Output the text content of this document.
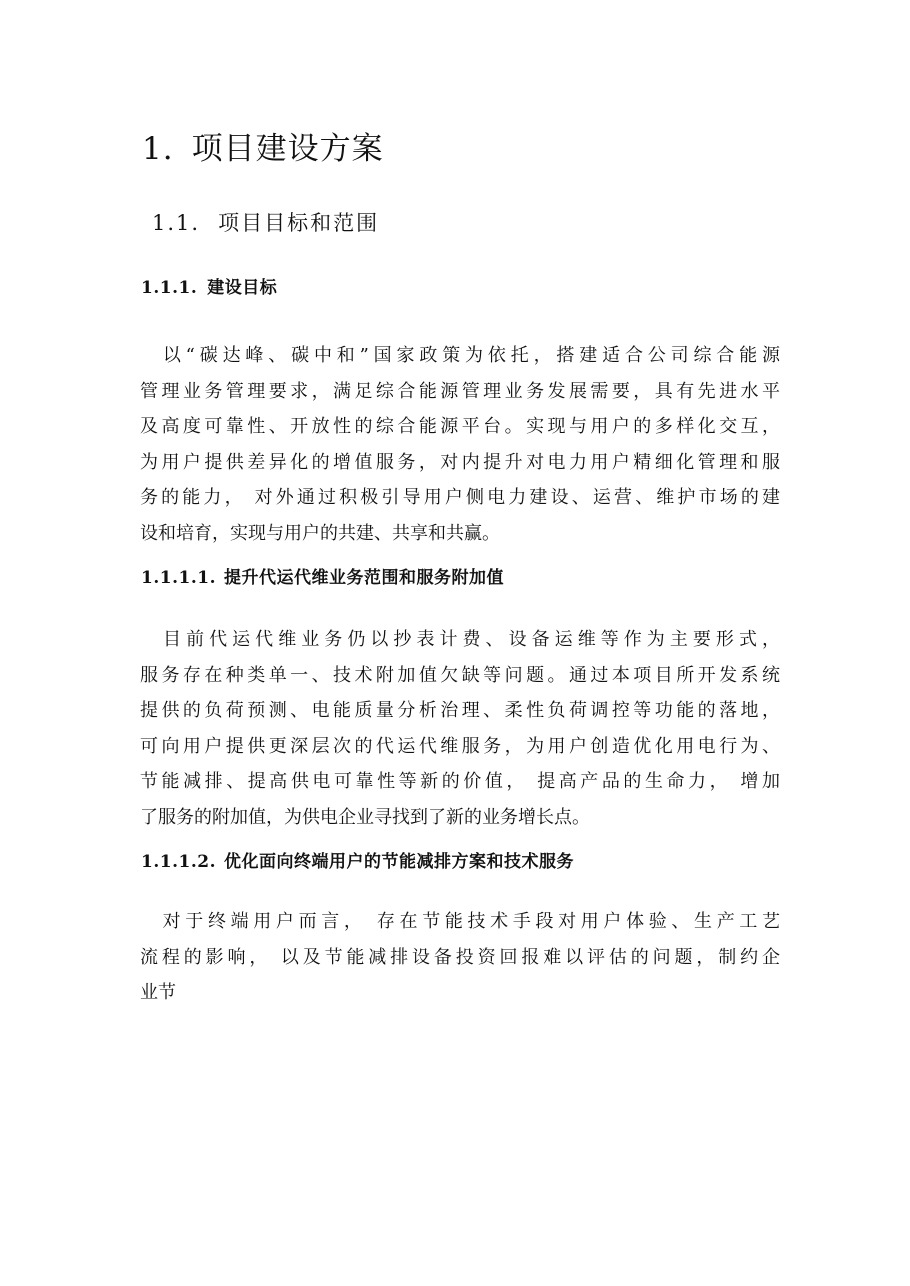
1. 项目建设方案
1.1. 项目目标和范围
1.1.1. 建设目标
　以“碳达峰、碳中和”国家政策为依托，搭建适合公司综合能源
管理业务管理要求，满足综合能源管理业务发展需要，具有先进水平
及高度可靠性、开放性的综合能源平台。实现与用户的多样化交互，
为用户提供差异化的增值服务，对内提升对电力用户精细化管理和服
务的能力， 对外通过积极引导用户侧电力建设、运营、维护市场的建
设和培育，实现与用户的共建、共享和共赢。
1.1.1.1. 提升代运代维业务范围和服务附加值
　目前代运代维业务仍以抄表计费、设备运维等作为主要形式，
服务存在种类单一、技术附加值欠缺等问题。通过本项目所开发系统
提供的负荷预测、电能质量分析治理、柔性负荷调控等功能的落地，
可向用户提供更深层次的代运代维服务，为用户创造优化用电行为、
节能减排、提高供电可靠性等新的价值， 提高产品的生命力， 增加
了服务的附加值，为供电企业寻找到了新的业务增长点。
1.1.1.2. 优化面向终端用户的节能减排方案和技术服务
　对于终端用户而言， 存在节能技术手段对用户体验、生产工艺
流程的影响， 以及节能减排设备投资回报难以评估的问题，制约企
业节
